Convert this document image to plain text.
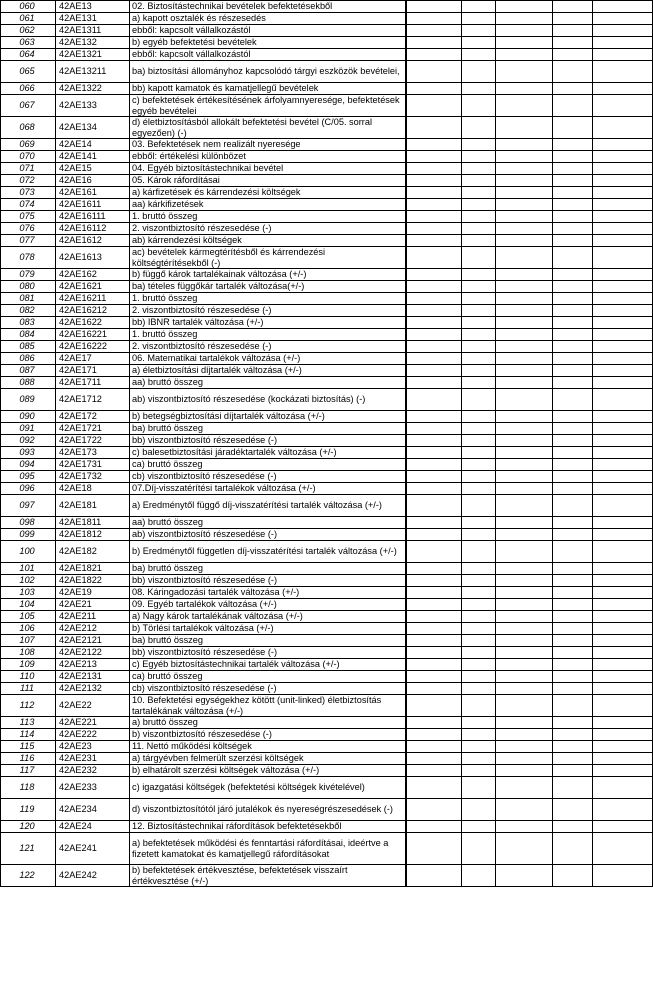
060	42AE13	02. Biztosítástechnikai bevételek befektetésekből					
061	42AE131	a) kapott osztalék és részesedés					
062	42AE1311	ebből: kapcsolt vállalkozástól					
063	42AE132	b) egyéb befektetési bevételek					
064	42AE1321	ebből: kapcsolt vállalkozástól					
065	42AE13211	ba) biztosítási állományhoz kapcsolódó tárgyi eszközök bevételei,					
066	42AE1322	bb) kapott kamatok és kamatjellegű bevételek					
067	42AE133	c) befektetések értékesítésének árfolyamnyeresége, befektetések egyéb bevételei					
068	42AE134	d) életbiztosításból allokált befektetési bevétel (C/05. sorral egyezően) (-)					
069	42AE14	03. Befektetések nem realizált nyeresége					
070	42AE141	ebből: értékelési különbözet					
071	42AE15	04. Egyéb biztosítástechnikai bevétel					
072	42AE16	05. Károk ráfordításai					
073	42AE161	a) kárfizetések és kárrendezési költségek					
074	42AE1611	aa) kárkifizetések					
075	42AE16111	1. bruttó összeg					
076	42AE16112	2. viszontbiztosító részesedése (-)					
077	42AE1612	ab) kárrendezési költségek					
078	42AE1613	ac) bevételek kármegtérítésből és kárrendezési költségtérítésekből (-)					
079	42AE162	b) függő károk tartalékainak változása (+/-)					
080	42AE1621	ba) tételes függőkár tartalék változása(+/-)					
081	42AE16211	1. bruttó összeg					
082	42AE16212	2. viszontbiztosító részesedése (-)					
083	42AE1622	bb) IBNR tartalék változása (+/-)					
084	42AE16221	1. bruttó összeg					
085	42AE16222	2. viszontbiztosító részesedése (-)					
086	42AE17	06. Matematikai tartalékok változása (+/-)					
087	42AE171	a) életbiztosítási díjtartalék változása (+/-)					
088	42AE1711	aa) bruttó összeg					
089	42AE1712	ab) viszontbiztosító részesedése (kockázati biztosítás) (-)					
090	42AE172	b) betegségbiztosítási díjtartalék változása (+/-)					
091	42AE1721	ba) bruttó összeg					
092	42AE1722	bb) viszontbiztosító részesedése (-)					
093	42AE173	c) balesetbiztosítási járadéktartalék változása (+/-)					
094	42AE1731	ca) bruttó összeg					
095	42AE1732	cb) viszontbiztosító részesedése (-)					
096	42AE18	07.Díj-visszatérítési tartalékok változása (+/-)					
097	42AE181	a) Eredménytől függő díj-visszatérítési tartalék változása (+/-)					
098	42AE1811	aa) bruttó összeg					
099	42AE1812	ab) viszontbiztosító részesedése (-)					
100	42AE182	b) Eredménytől független díj-visszatérítési tartalék változása (+/-)					
101	42AE1821	ba) bruttó összeg					
102	42AE1822	bb) viszontbiztosító részesedése (-)					
103	42AE19	08. Káringadozási tartalék változása (+/-)					
104	42AE21	09. Egyéb tartalékok változása (+/-)					
105	42AE211	a) Nagy károk tartalékának változása (+/-)					
106	42AE212	b) Törlési tartalékok változása (+/-)					
107	42AE2121	ba) bruttó összeg					
108	42AE2122	bb) viszontbiztosító részesedése (-)					
109	42AE213	c) Egyéb biztosítástechnikai tartalék változása (+/-)					
110	42AE2131	ca) bruttó összeg					
111	42AE2132	cb) viszontbiztosító részesedése (-)					
112	42AE22	10. Befektetési egységekhez kötött (unit-linked) életbiztosítás tartalékának változása (+/-)					
113	42AE221	a) bruttó összeg					
114	42AE222	b) viszontbiztosító részesedése (-)					
115	42AE23	11. Nettó működési költségek					
116	42AE231	a) tárgyévben felmerült szerzési költségek					
117	42AE232	b) elhatárolt szerzési költségek változása (+/-)					
118	42AE233	c) igazgatási költségek (befektetési költségek kivételével)					
119	42AE234	d) viszontbiztosítótól járó jutalékok és nyereségrészesedések (-)					
120	42AE24	12. Biztosítástechnikai ráfordítások befektetésekből					
121	42AE241	a) befektetések működési és fenntartási ráfordításai, ideértve a fizetett kamatokat és kamatjellegű ráfordításokat					
122	42AE242	b) befektetések értékvesztése, befektetések visszaírt értékvesztése (+/-)					
